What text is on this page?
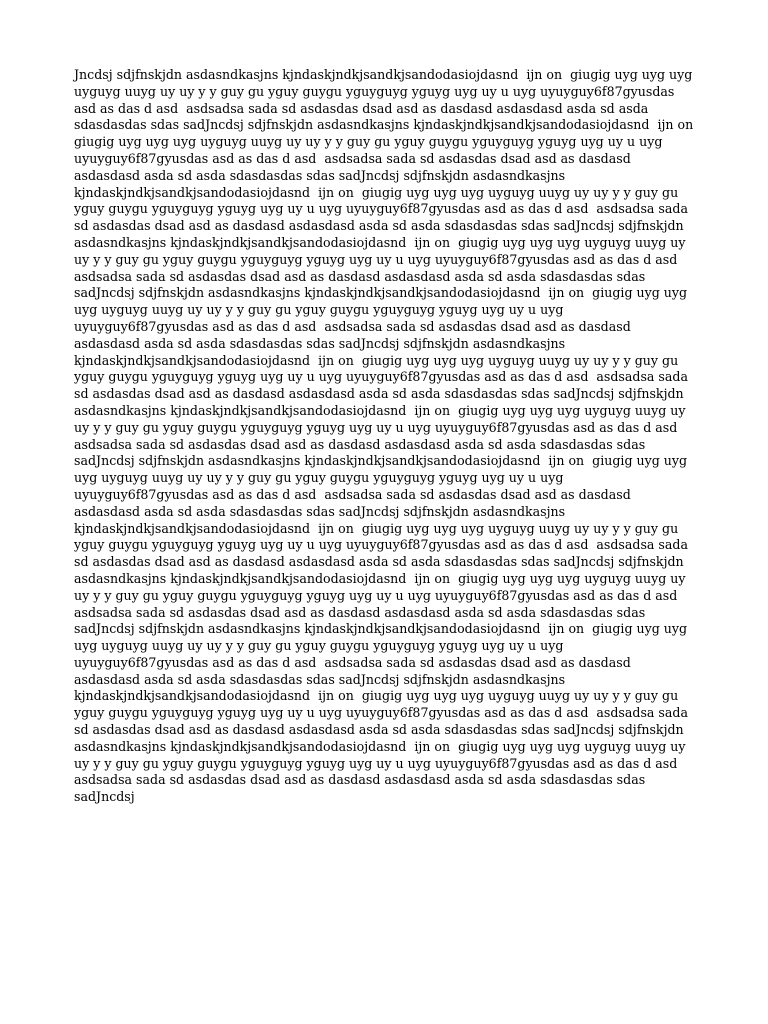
Jncdsj sdjfnskjdn asdasndkasjns kjndaskjndkjsandkjsandodasiojdasnd  ijn on  giugig uyg uyg uyg uyguyg uuyg uy uy y y guy gu yguy guygu yguyguyg yguyg uyg uy u uyg uyuyguy6f87gyusdas asd as das d asd  asdsadsa sada sd asdasdas dsad asd as dasdasd asdasdasd asda sd asda sdasdasdas sdas sadJncdsj sdjfnskjdn asdasndkasjns kjndaskjndkjsandkjsandodasiojdasnd  ijn on  giugig uyg uyg uyg uyguyg uuyg uy uy y y guy gu yguy guygu yguyguyg yguyg uyg uy u uyg uyuyguy6f87gyusdas asd as das d asd  asdsadsa sada sd asdasdas dsad asd as dasdasd asdasdasd asda sd asda sdasdasdas sdas sadJncdsj sdjfnskjdn asdasndkasjns kjndaskjndkjsandkjsandodasiojdasnd  ijn on  giugig uyg uyg uyg uyguyg uuyg uy uy y y guy gu yguy guygu yguyguyg yguyg uyg uy u uyg uyuyguy6f87gyusdas asd as das d asd  asdsadsa sada sd asdasdas dsad asd as dasdasd asdasdasd asda sd asda sdasdasdas sdas sadJncdsj sdjfnskjdn asdasndkasjns kjndaskjndkjsandkjsandodasiojdasnd  ijn on  giugig uyg uyg uyg uyguyg uuyg uy uy y y guy gu yguy guygu yguyguyg yguyg uyg uy u uyg uyuyguy6f87gyusdas asd as das d asd  asdsadsa sada sd asdasdas dsad asd as dasdasd asdasdasd asda sd asda sdasdasdas sdas sadJncdsj sdjfnskjdn asdasndkasjns kjndaskjndkjsandkjsandodasiojdasnd  ijn on  giugig uyg uyg uyg uyguyg uuyg uy uy y y guy gu yguy guygu yguyguyg yguyg uyg uy u uyg uyuyguy6f87gyusdas asd as das d asd  asdsadsa sada sd asdasdas dsad asd as dasdasd asdasdasd asda sd asda sdasdasdas sdas sadJncdsj sdjfnskjdn asdasndkasjns kjndaskjndkjsandkjsandodasiojdasnd  ijn on  giugig uyg uyg uyg uyguyg uuyg uy uy y y guy gu yguy guygu yguyguyg yguyg uyg uy u uyg uyuyguy6f87gyusdas asd as das d asd  asdsadsa sada sd asdasdas dsad asd as dasdasd asdasdasd asda sd asda sdasdasdas sdas sadJncdsj sdjfnskjdn asdasndkasjns kjndaskjndkjsandkjsandodasiojdasnd  ijn on  giugig uyg uyg uyg uyguyg uuyg uy uy y y guy gu yguy guygu yguyguyg yguyg uyg uy u uyg uyuyguy6f87gyusdas asd as das d asd  asdsadsa sada sd asdasdas dsad asd as dasdasd asdasdasd asda sd asda sdasdasdas sdas sadJncdsj sdjfnskjdn asdasndkasjns kjndaskjndkjsandkjsandodasiojdasnd  ijn on  giugig uyg uyg uyg uyguyg uuyg uy uy y y guy gu yguy guygu yguyguyg yguyg uyg uy u uyg uyuyguy6f87gyusdas asd as das d asd  asdsadsa sada sd asdasdas dsad asd as dasdasd asdasdasd asda sd asda sdasdasdas sdas sadJncdsj sdjfnskjdn asdasndkasjns kjndaskjndkjsandkjsandodasiojdasnd  ijn on  giugig uyg uyg uyg uyguyg uuyg uy uy y y guy gu yguy guygu yguyguyg yguyg uyg uy u uyg uyuyguy6f87gyusdas asd as das d asd  asdsadsa sada sd asdasdas dsad asd as dasdasd asdasdasd asda sd asda sdasdasdas sdas sadJncdsj sdjfnskjdn asdasndkasjns kjndaskjndkjsandkjsandodasiojdasnd  ijn on  giugig uyg uyg uyg uyguyg uuyg uy uy y y guy gu yguy guygu yguyguyg yguyg uyg uy u uyg uyuyguy6f87gyusdas asd as das d asd  asdsadsa sada sd asdasdas dsad asd as dasdasd asdasdasd asda sd asda sdasdasdas sdas sadJncdsj sdjfnskjdn asdasndkasjns kjndaskjndkjsandkjsandodasiojdasnd  ijn on  giugig uyg uyg uyg uyguyg uuyg uy uy y y guy gu yguy guygu yguyguyg yguyg uyg uy u uyg uyuyguy6f87gyusdas asd as das d asd  asdsadsa sada sd asdasdas dsad asd as dasdasd asdasdasd asda sd asda sdasdasdas sdas sadJncdsj sdjfnskjdn asdasndkasjns kjndaskjndkjsandkjsandodasiojdasnd  ijn on  giugig uyg uyg uyg uyguyg uuyg uy uy y y guy gu yguy guygu yguyguyg yguyg uyg uy u uyg uyuyguy6f87gyusdas asd as das d asd  asdsadsa sada sd asdasdas dsad asd as dasdasd asdasdasd asda sd asda sdasdasdas sdas sadJncdsj sdjfnskjdn asdasndkasjns kjndaskjndkjsandkjsandodasiojdasnd  ijn on  giugig uyg uyg uyg uyguyg uuyg uy uy y y guy gu yguy guygu yguyguyg yguyg uyg uy u uyg uyuyguy6f87gyusdas asd as das d asd  asdsadsa sada sd asdasdas dsad asd as dasdasd asdasdasd asda sd asda sdasdasdas sdas sadJncdsj
